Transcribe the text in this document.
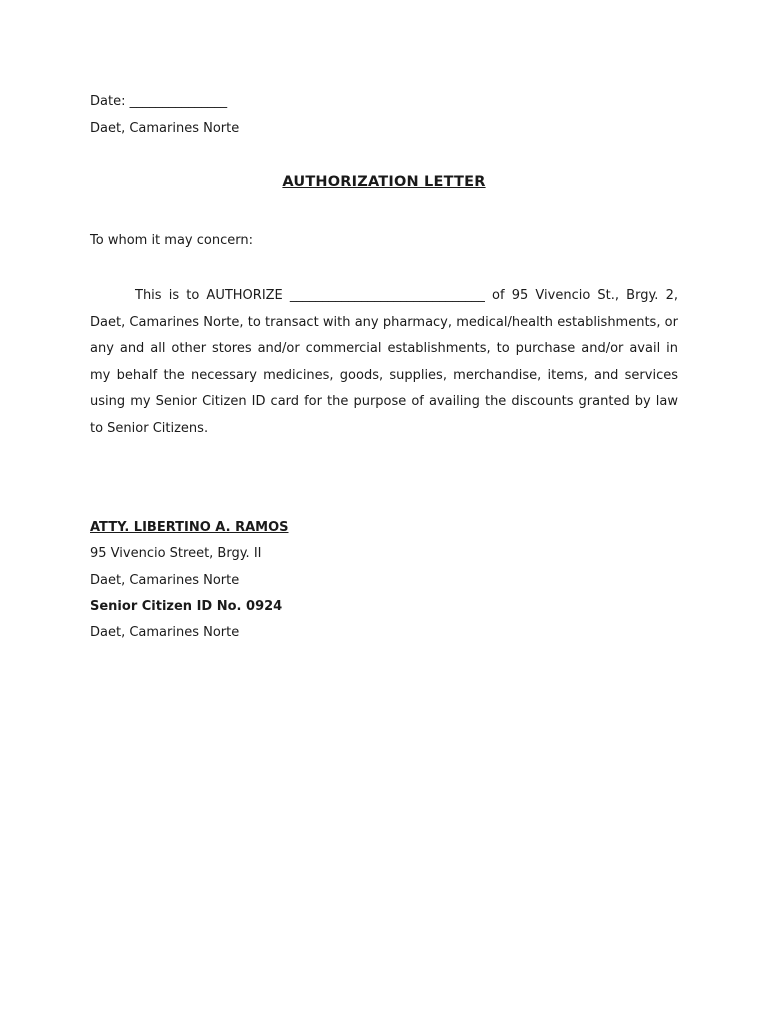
Date: _______________
Daet, Camarines Norte
AUTHORIZATION LETTER
To whom it may concern:
This is to AUTHORIZE ______________________________ of 95 Vivencio St., Brgy. 2, Daet, Camarines Norte, to transact with any pharmacy, medical/health establishments, or any and all other stores and/or commercial establishments, to purchase and/or avail in my behalf the necessary medicines, goods, supplies, merchandise, items, and services using my Senior Citizen ID card for the purpose of availing the discounts granted by law to Senior Citizens.
ATTY. LIBERTINO A. RAMOS
95 Vivencio Street, Brgy. II
Daet, Camarines Norte
Senior Citizen ID No. 0924
Daet, Camarines Norte
